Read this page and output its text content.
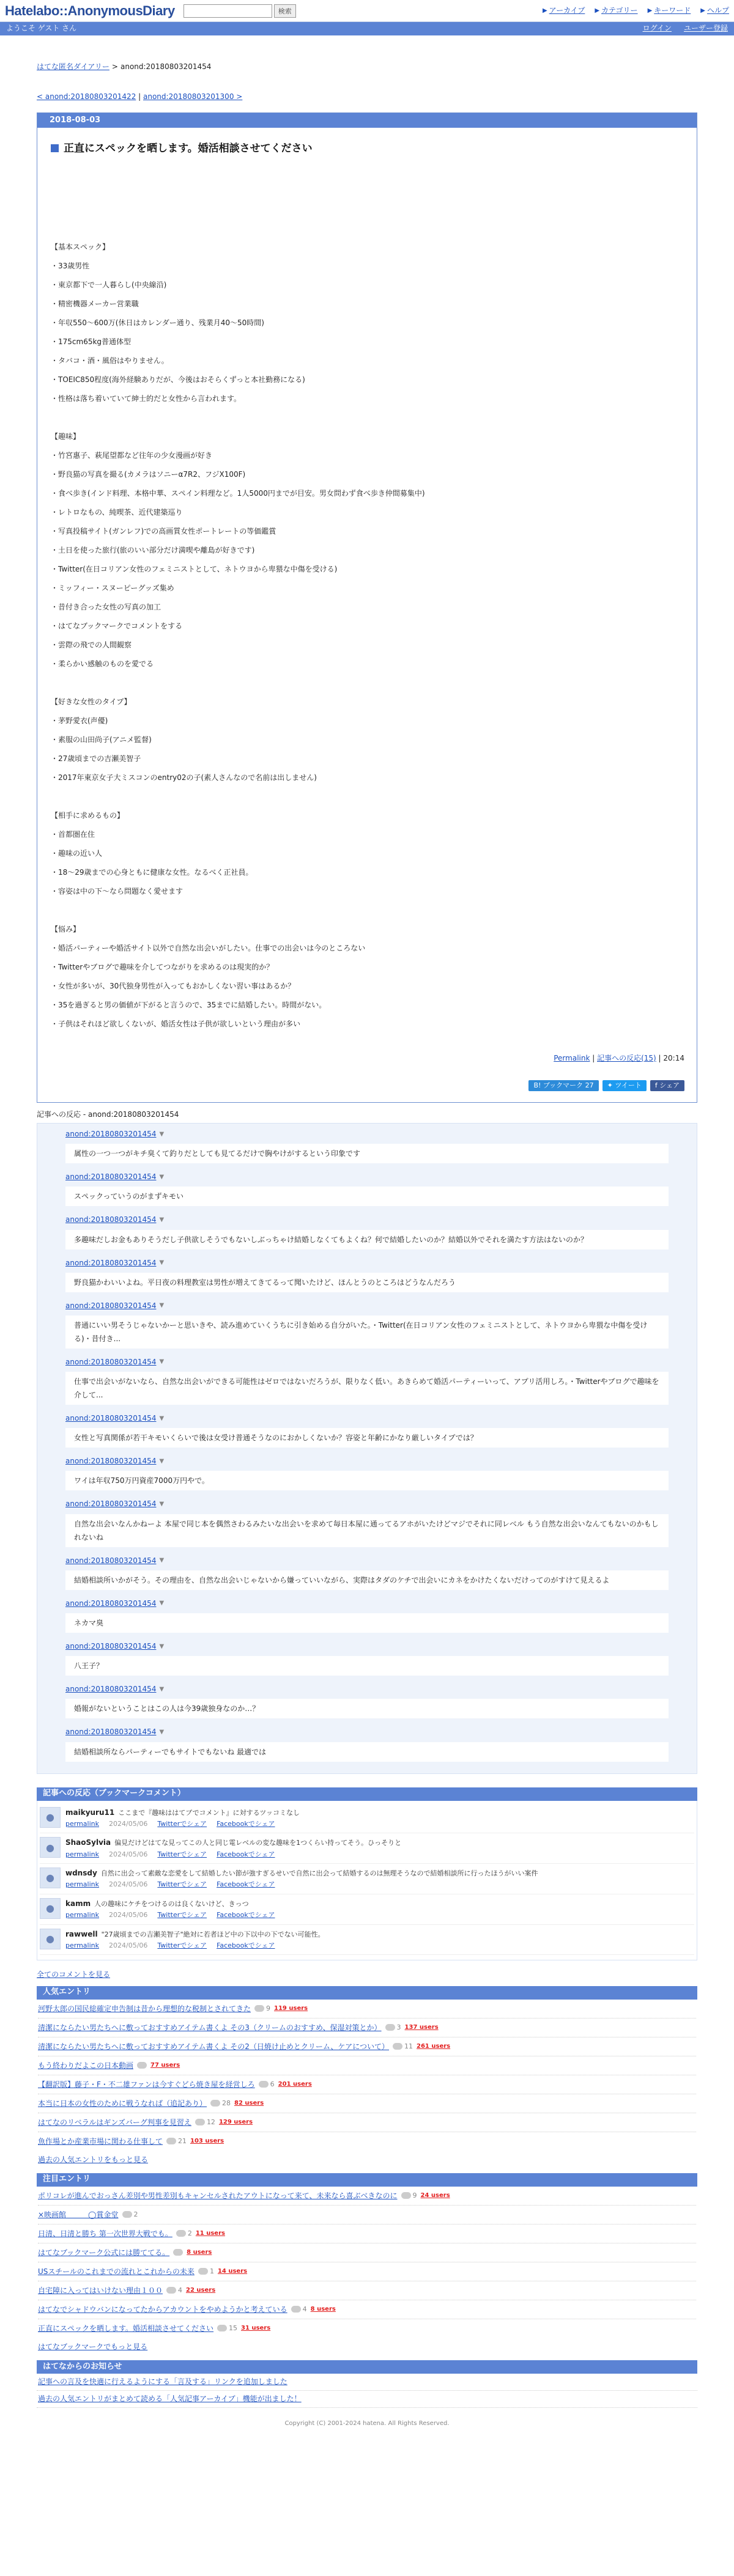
Hatelabo::AnonymousDiary	検索	▶ アーカイブ ▶ カテゴリー ▶ キーワード ▶ ヘルプ
ようこそ ゲスト さん	ログイン ユーザー登録
はてな匿名ダイアリー > anond:20180803201454
< anond:20180803201422 | anond:20180803201300 >
2018-08-03
正直にスペックを晒します。婚活相談させてください
【基本スペック】
・33歳男性
・東京都下で一人暮らし(中央線沿)
・精密機器メーカー営業職
・年収550〜600万(休日はカレンダー通り、残業月40〜50時間)
・175cm65kg普通体型
・タバコ・酒・風俗はやりません。
・TOEIC850程度(海外経験ありだが、今後はおそらくずっと本社勤務になる)
・性格は落ち着いていて紳士的だと女性から言われます。
【趣味】
・竹宮惠子、萩尾望都など往年の少女漫画が好き
・野良猫の写真を撮る(カメラはソニーα7R2、フジX100F)
・食べ歩き(インド料理、本格中華、スペイン料理など。1人5000円までが目安。男女問わず食べ歩き仲間募集中)
・レトロなもの、純喫茶、近代建築巡り
・写真投稿サイト(ガンレフ)での高画質女性ポートレートの等価鑑賞
・土日を使った旅行(旅のいい部分だけ満喫や離島が好きです)
・Twitter(在日コリアン女性のフェミニストとして、ネトウヨから卑猥な中傷を受ける)
・ミッフィー・スヌーピーグッズ集め
・昔付き合った女性の写真の加工
・はてなブックマークでコメントをする
・雲際の飛での人間観察
・柔らかい感触のものを愛でる
【好きな女性のタイプ】
・茅野愛衣(声優)
・素服の山田尚子(アニメ監督)
・27歳頃までの吉瀬美智子
・2017年東京女子大ミスコンのentry02の子(素人さんなので名前は出しません)
【相手に求めるもの】
・首都圏在住
・趣味の近い人
・18〜29歳までの心身ともに健康な女性。なるべく正社員。
・容姿は中の下〜なら問題なく愛せます
【悩み】
・婚活パーティーや婚活サイト以外で自然な出会いがしたい。仕事での出会いは今のところない
・Twitterやブログで趣味を介してつながりを求めるのは現実的か？
・女性が多いが、30代独身男性が入ってもおかしくない習い事はあるか？
・35を過ぎると男の価値が下がると言うので、35までに結婚したい。時間がない。
・子供はそれほど欲しくないが、婚活女性は子供が欲しいという理由が多い
Permalink | 記事への反応(15) | 20:14
B! ブックマーク 27	✦ ツイート f シェア
記事への反応 - anond:20180803201454
anond:20180803201454 ▼
属性の一つ一つがキチ臭くて釣りだとしても見てるだけで胸やけがするという印象です
anond:20180803201454 ▼
スペックっていうのがまずキモい
anond:20180803201454 ▼
多趣味だしお金もありそうだし子供欲しそうでもないしぶっちゃけ結婚しなくてもよくね？何で結婚したいのか？結婚以外でそれを満たす方法はないのか？
anond:20180803201454 ▼
野良猫かわいいよね。平日夜の料理教室は男性が増えてきてるって聞いたけど、ほんとうのところはどうなんだろう
anond:20180803201454 ▼
普通にいい男そうじゃないかーと思いきや、読み進めていくうちに引き始める自分がいた。・Twitter(在日コリアン女性のフェミニストとして、ネトウヨから卑猥な中傷を受ける)・昔付き...
anond:20180803201454 ▼
仕事で出会いがないなら、自然な出会いができる可能性はゼロではないだろうが、限りなく低い。あきらめて婚活パーティーいって、アプリ活用しろ。・Twitterやブログで趣味を介して...
anond:20180803201454 ▼
女性と写真関係が若干キモいくらいで後は女受け普通そうなのにおかしくないか？容姿と年齢にかなり厳しいタイプでは？
anond:20180803201454 ▼
ワイは年収750万円資産7000万円やで。
anond:20180803201454 ▼
自然な出会いなんかねーよ 本屋で同じ本を偶然さわるみたいな出会いを求めて毎日本屋に通ってるアホがいたけどマジでそれに同レベル もう自然な出会いなんてもないのかもしれないね
anond:20180803201454 ▼
結婚相談所いかがそう。その理由を、自然な出会いじゃないから嫌っていいながら、実際はタダのケチで出会いにカネをかけたくないだけってのがすけて見えるよ
anond:20180803201454 ▼
ネカマ臭
anond:20180803201454 ▼
八王子？
anond:20180803201454 ▼
婚報がないということはこの人は今39歳独身なのか…？
anond:20180803201454 ▼
結婚相談所ならパーティーでもサイトでもないね 最適では
記事への反応（ブックマークコメント）
●	maikyuru11 ここまで『趣味ははてブでコメント』に対するツッコミなし
permalink 2024/05/06 Twitterでシェア Facebookでシェア
●	ShaoSylvia 偏見だけどはてな見ってこの人と同じ電レベルの変な趣味を1つくらい持ってそう。ひっそりと
permalink 2024/05/06 Twitterでシェア Facebookでシェア
●	wdnsdy 自然に出会って素敵な恋愛をして結婚したい節が強すぎるせいで自然に出会って結婚するのは無理そうなので結婚相談所に行ったほうがいい案件
permalink 2024/05/06 Twitterでシェア Facebookでシェア
●	kamm 人の趣味にケチをつけるのは良くないけど、きっつ
permalink 2024/05/06 Twitterでシェア Facebookでシェア
●	rawwell "27歳頃までの吉瀬美智子"絶対に若者ほど中の下以中の下でない可能性。
permalink 2024/05/06 Twitterでシェア Facebookでシェア
全てのコメントを見る
人気エントリ
河野太郎の国民総確定申告制は昔から理想的な税制とされてきた 9 119 users
清潔にならたい男たちへに敷っておすすめアイテム書くよ その3（クリームのおすすめ、保湿対策とか） 3 137 users
清潔にならたい男たちへに敷っておすすめアイテム書くよ その2（日焼け止めとクリーム、ケアについて） 11 261 users
もう終わりだよこの日本動画	77 users
【翻訳版】藤子・F・不二雄ファンは今すぐどら焼き屋を経営しろ 6 201 users
本当に日本の女性のために戦うなれば（追記あり） 28 82 users
はてなのリベラルはギンズバーグ判事を見習え 12 129 users
魚作場とか産業市場に関わる仕事して 21 103 users
過去の人気エントリをもっと見る
注目エントリ
ポリコレが進んでおっさん差別や男性差別もキャンセルされたアウトになって来て、未来なら喜ぶべきなのに 9 24 users
×映画館　　　◯賞金堂 2
日清、日清と勝ち 第一次世界大戦でも。 2 11 users
はてなブックマーク公式には勝ててる。	8 users
USスチールのこれまでの流れとこれからの未来 1 14 users
自宅障に入ってはいけない理由１００ 4 22 users
はてなでシャドウバンになってたからアカウントをやめようかと考えている 4 8 users
正直にスペックを晒します。婚活相談させてください 15 31 users
はてなブックマークでもっと見る
はてなからのお知らせ
記事への言及を快適に行えるようにする「言及する」リンクを追加しました
過去の人気エントリがまとめて読める「人気記事アーカイブ」機能が出ました！
Copyright (C) 2001-2024 hatena. All Rights Reserved.
